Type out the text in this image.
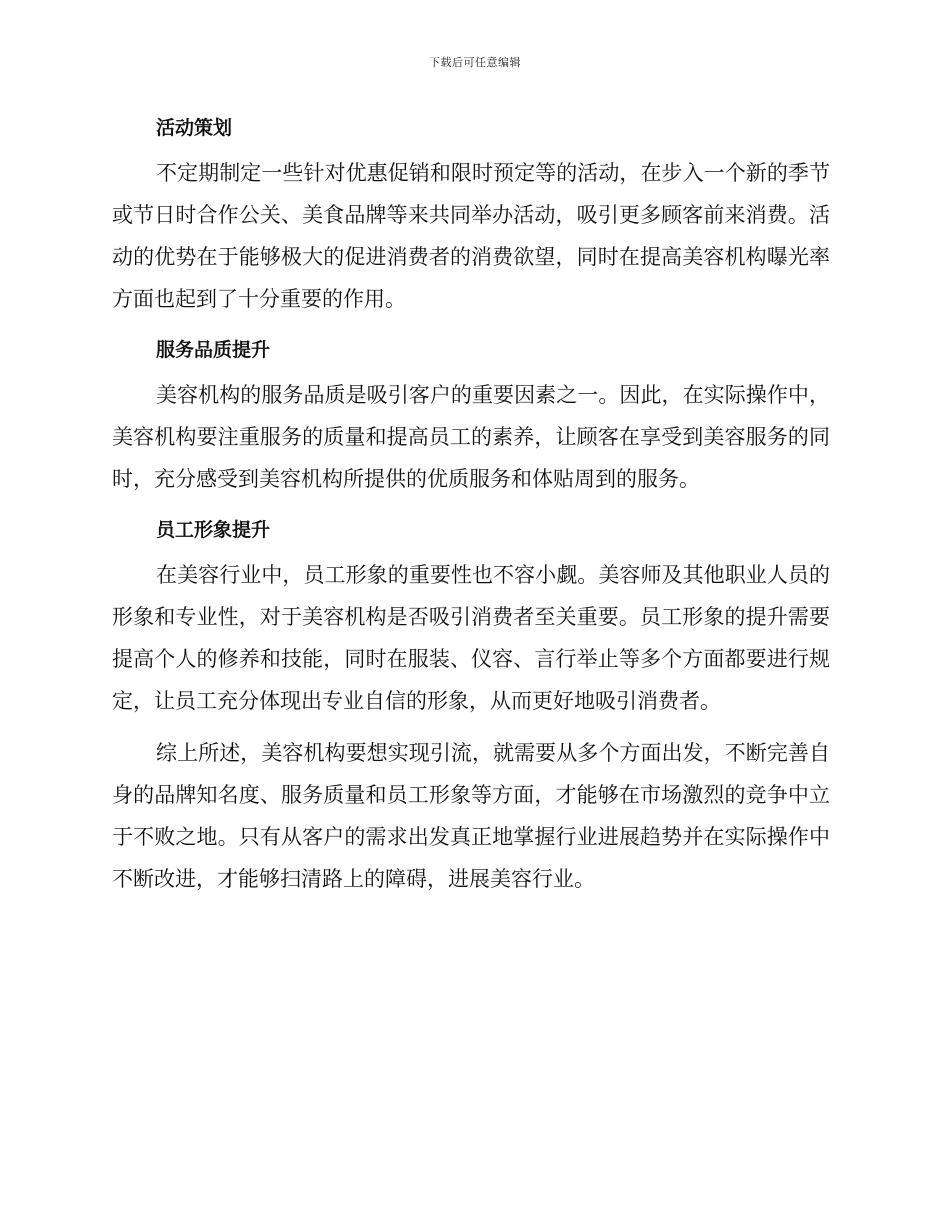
下载后可任意编辑
活动策划

不定期制定一些针对优惠促销和限时预定等的活动，在步入一个新的季节或节日时合作公关、美食品牌等来共同举办活动，吸引更多顾客前来消费。活动的优势在于能够极大的促进消费者的消费欲望，同时在提高美容机构曝光率方面也起到了十分重要的作用。

服务品质提升

美容机构的服务品质是吸引客户的重要因素之一。因此，在实际操作中，美容机构要注重服务的质量和提高员工的素养，让顾客在享受到美容服务的同时，充分感受到美容机构所提供的优质服务和体贴周到的服务。

员工形象提升

在美容行业中，员工形象的重要性也不容小觑。美容师及其他职业人员的形象和专业性，对于美容机构是否吸引消费者至关重要。员工形象的提升需要提高个人的修养和技能，同时在服装、仪容、言行举止等多个方面都要进行规定，让员工充分体现出专业自信的形象，从而更好地吸引消费者。

综上所述，美容机构要想实现引流，就需要从多个方面出发，不断完善自身的品牌知名度、服务质量和员工形象等方面，才能够在市场激烈的竞争中立于不败之地。只有从客户的需求出发真正地掌握行业进展趋势并在实际操作中不断改进，才能够扫清路上的障碍，进展美容行业。
